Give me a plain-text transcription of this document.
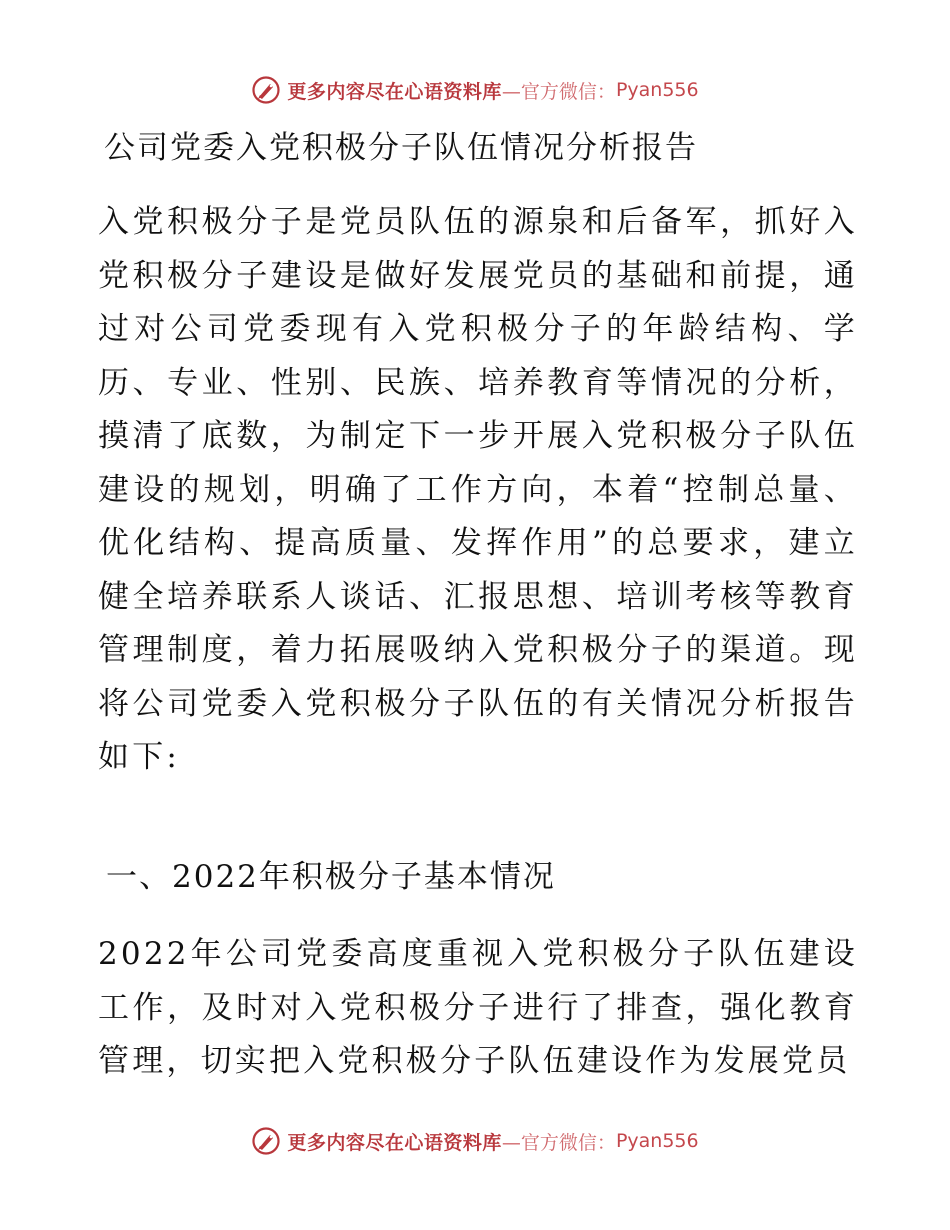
更多内容尽在心语资料库 —官方微信： Pyan556
公司党委入党积极分子队伍情况分析报告

入党积极分子是党员队伍的源泉和后备军，抓好入党积极分子建设是做好发展党员的基础和前提，通过对公司党委现有入党积极分子的年龄结构、学历、专业、性别、民族、培养教育等情况的分析，摸清了底数，为制定下一步开展入党积极分子队伍建设的规划，明确了工作方向，本着“控制总量、优化结构、提高质量、发挥作用”的总要求，建立健全培养联系人谈话、汇报思想、培训考核等教育管理制度，着力拓展吸纳入党积极分子的渠道。现将公司党委入党积极分子队伍的有关情况分析报告如下:

一、2022年积极分子基本情况

2022年公司党委高度重视入党积极分子队伍建设工作，及时对入党积极分子进行了排查，强化教育管理，切实把入党积极分子队伍建设作为发展党员

更多内容尽在心语资料库 —官方微信： Pyan556
